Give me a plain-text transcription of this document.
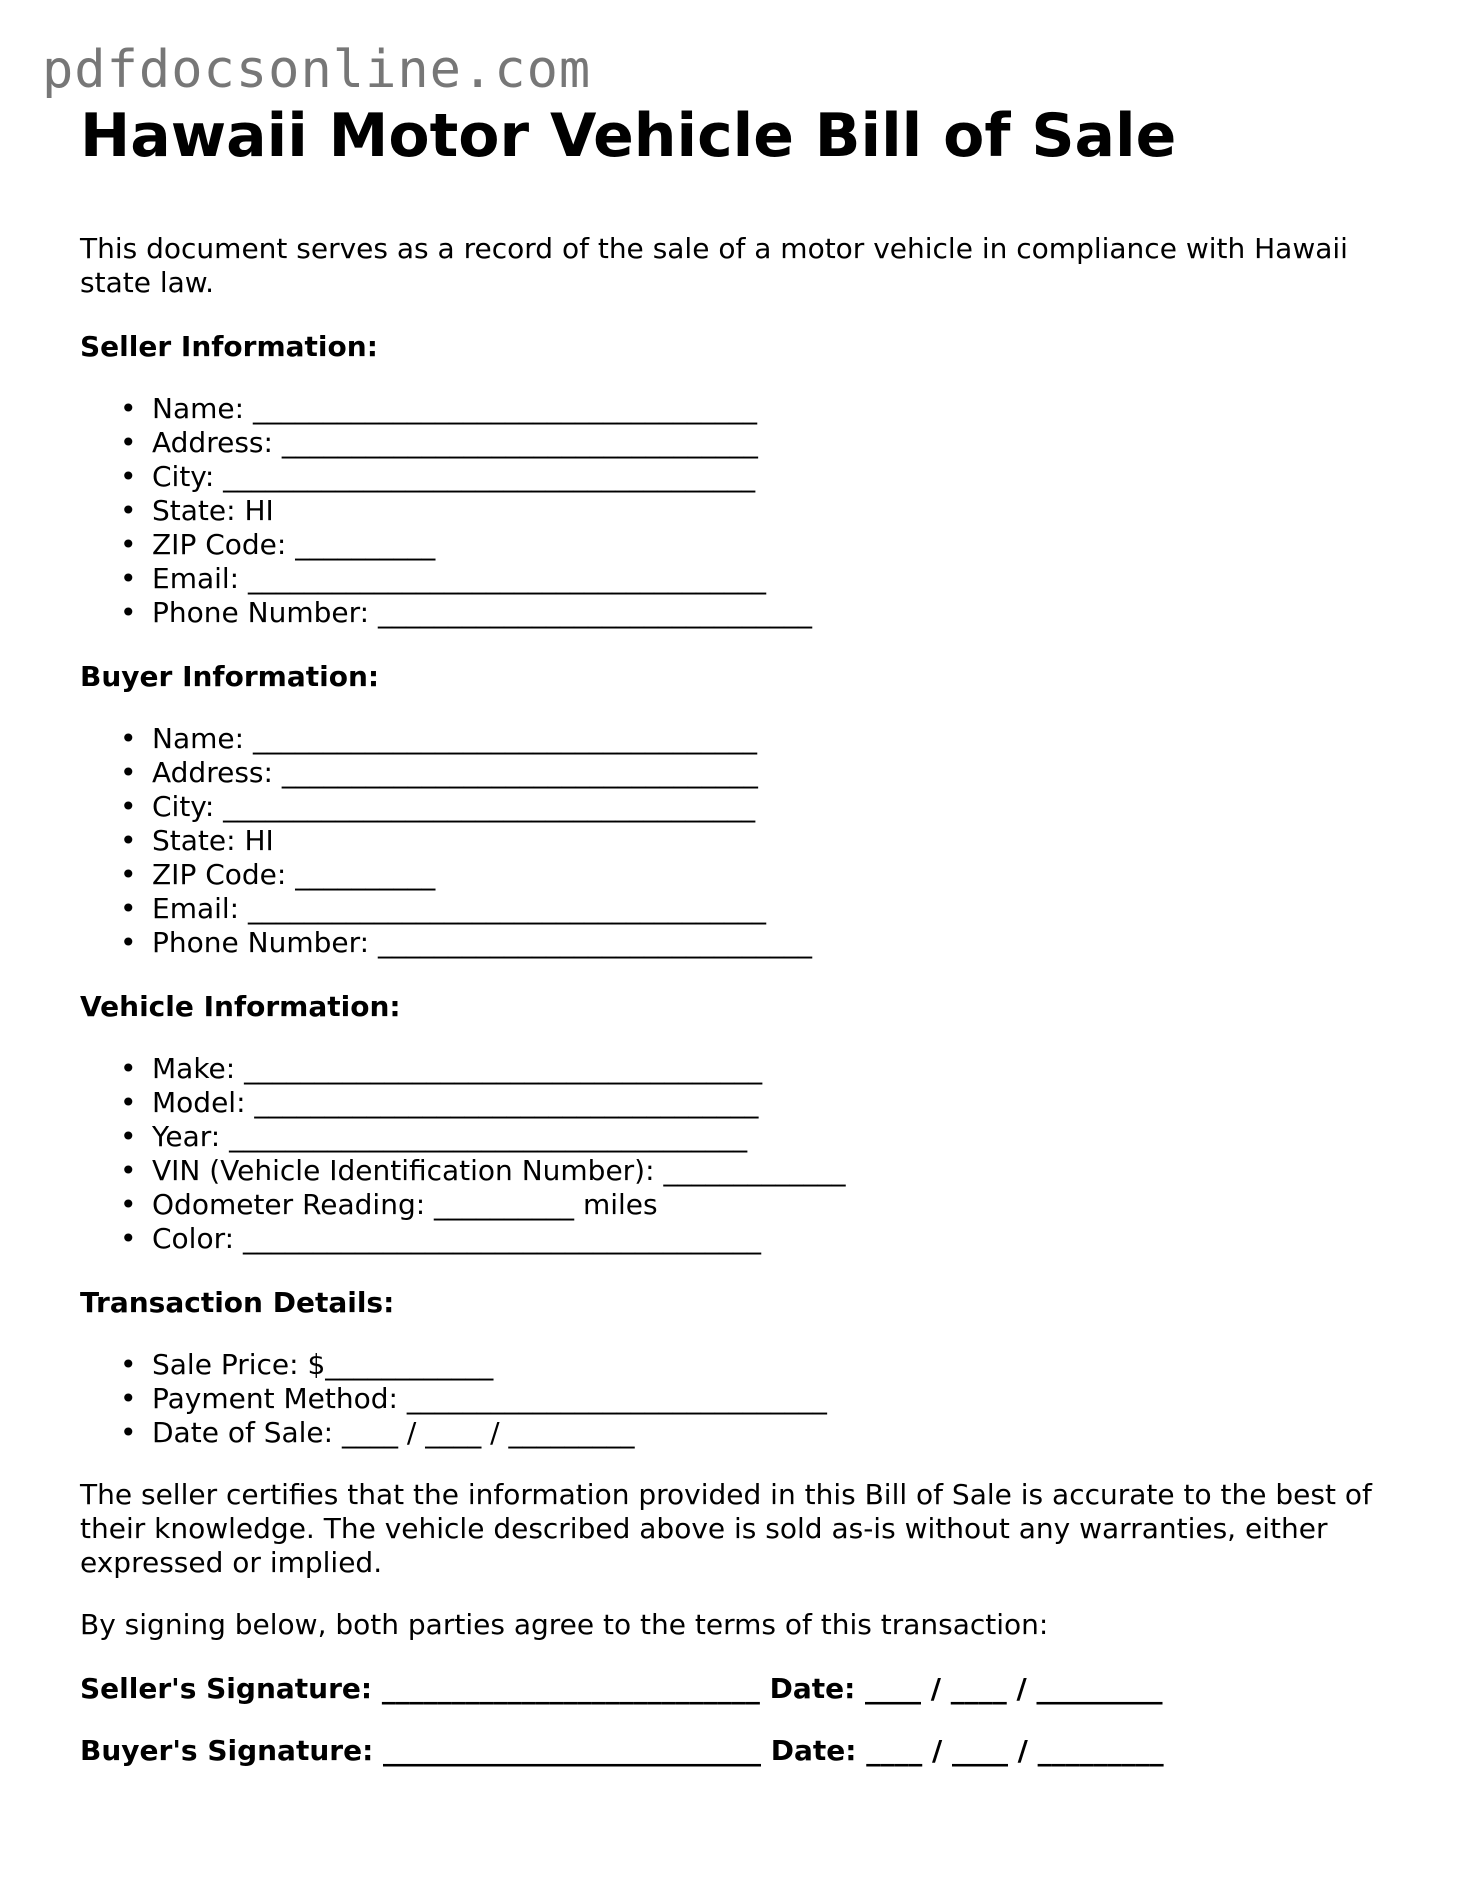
pdfdocsonline.com
Hawaii Motor Vehicle Bill of Sale

This document serves as a record of the sale of a motor vehicle in compliance with Hawaii state law.

Seller Information:
• Name: ____________________________________
• Address: __________________________________
• City: ______________________________________
• State: HI
• ZIP Code: __________
• Email: _____________________________________
• Phone Number: _______________________________
Buyer Information:
• Name: ____________________________________
• Address: __________________________________
• City: ______________________________________
• State: HI
• ZIP Code: __________
• Email: _____________________________________
• Phone Number: _______________________________
Vehicle Information:
• Make: _____________________________________
• Model: ____________________________________
• Year: _____________________________________
• VIN (Vehicle Identification Number): _____________
• Odometer Reading: __________ miles
• Color: _____________________________________
Transaction Details:
• Sale Price: $____________
• Payment Method: ______________________________
• Date of Sale: ____ / ____ / _________

The seller certifies that the information provided in this Bill of Sale is accurate to the best of their knowledge. The vehicle described above is sold as-is without any warranties, either expressed or implied.

By signing below, both parties agree to the terms of this transaction:

Seller's Signature: ___________________________ Date: ____ / ____ / _________
Buyer's Signature: ___________________________ Date: ____ / ____ / _________
